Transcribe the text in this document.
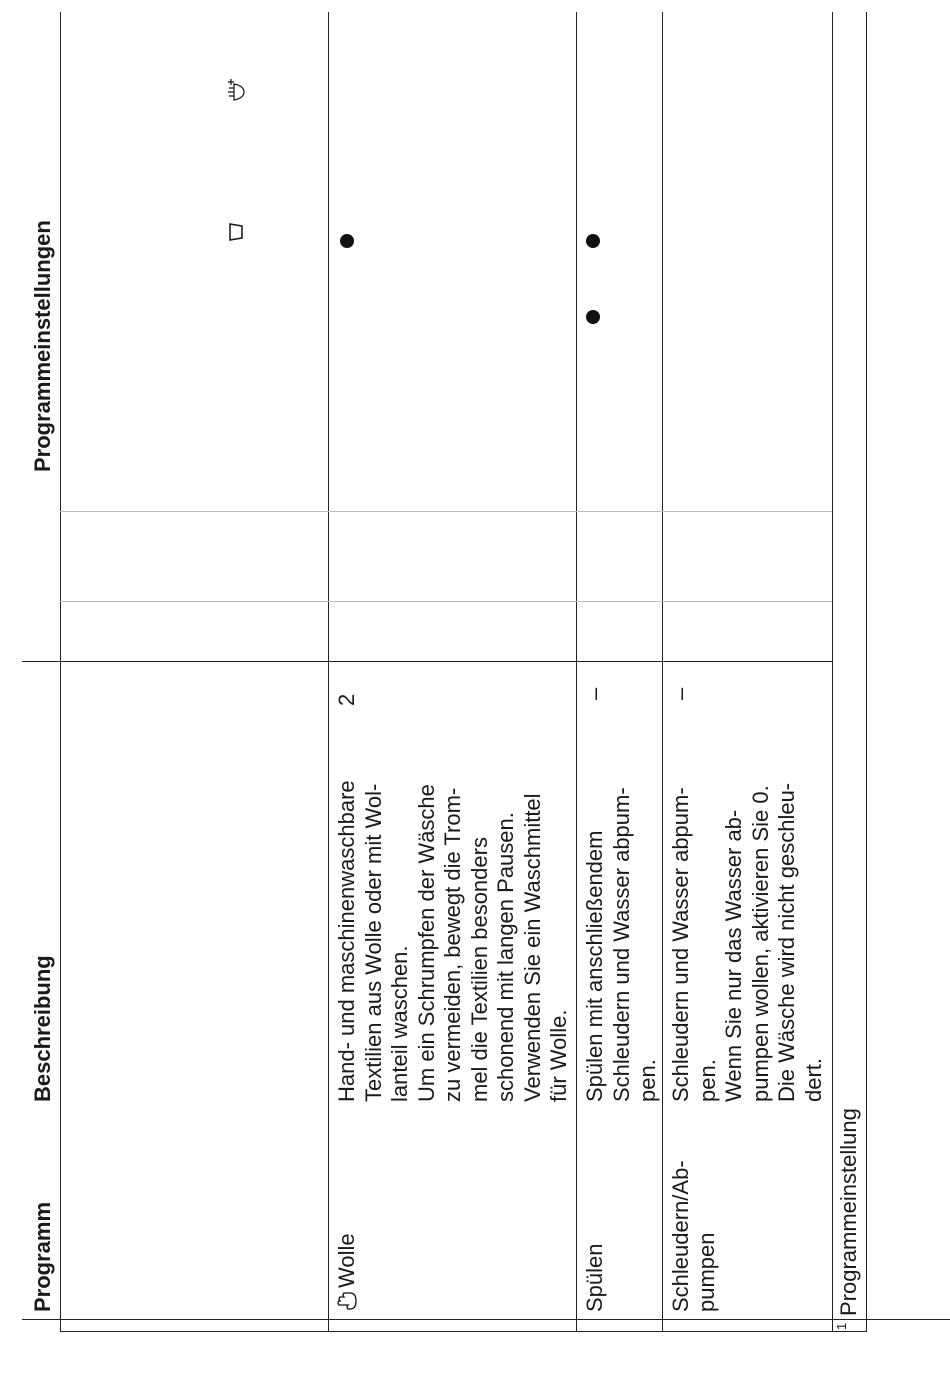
Programm
Beschreibung
Programmeinstellungen
Wolle
Hand- und maschinenwaschbare Textilien aus Wolle oder mit Wol- lanteil waschen. Um ein Schrumpfen der Wäsche zu vermeiden, bewegt die Trom- mel die Textilien besonders schonend mit langen Pausen. Verwenden Sie ein Waschmittel für Wolle.
2
Spülen
Spülen mit anschließendem Schleudern und Wasser abpum- pen.
–
Schleudern/Ab- pumpen
Schleudern und Wasser abpum- pen. Wenn Sie nur das Wasser ab- pumpen wollen, aktivieren Sie 0. Die Wäsche wird nicht geschleu- dert.
–
1
Programmeinstellung
